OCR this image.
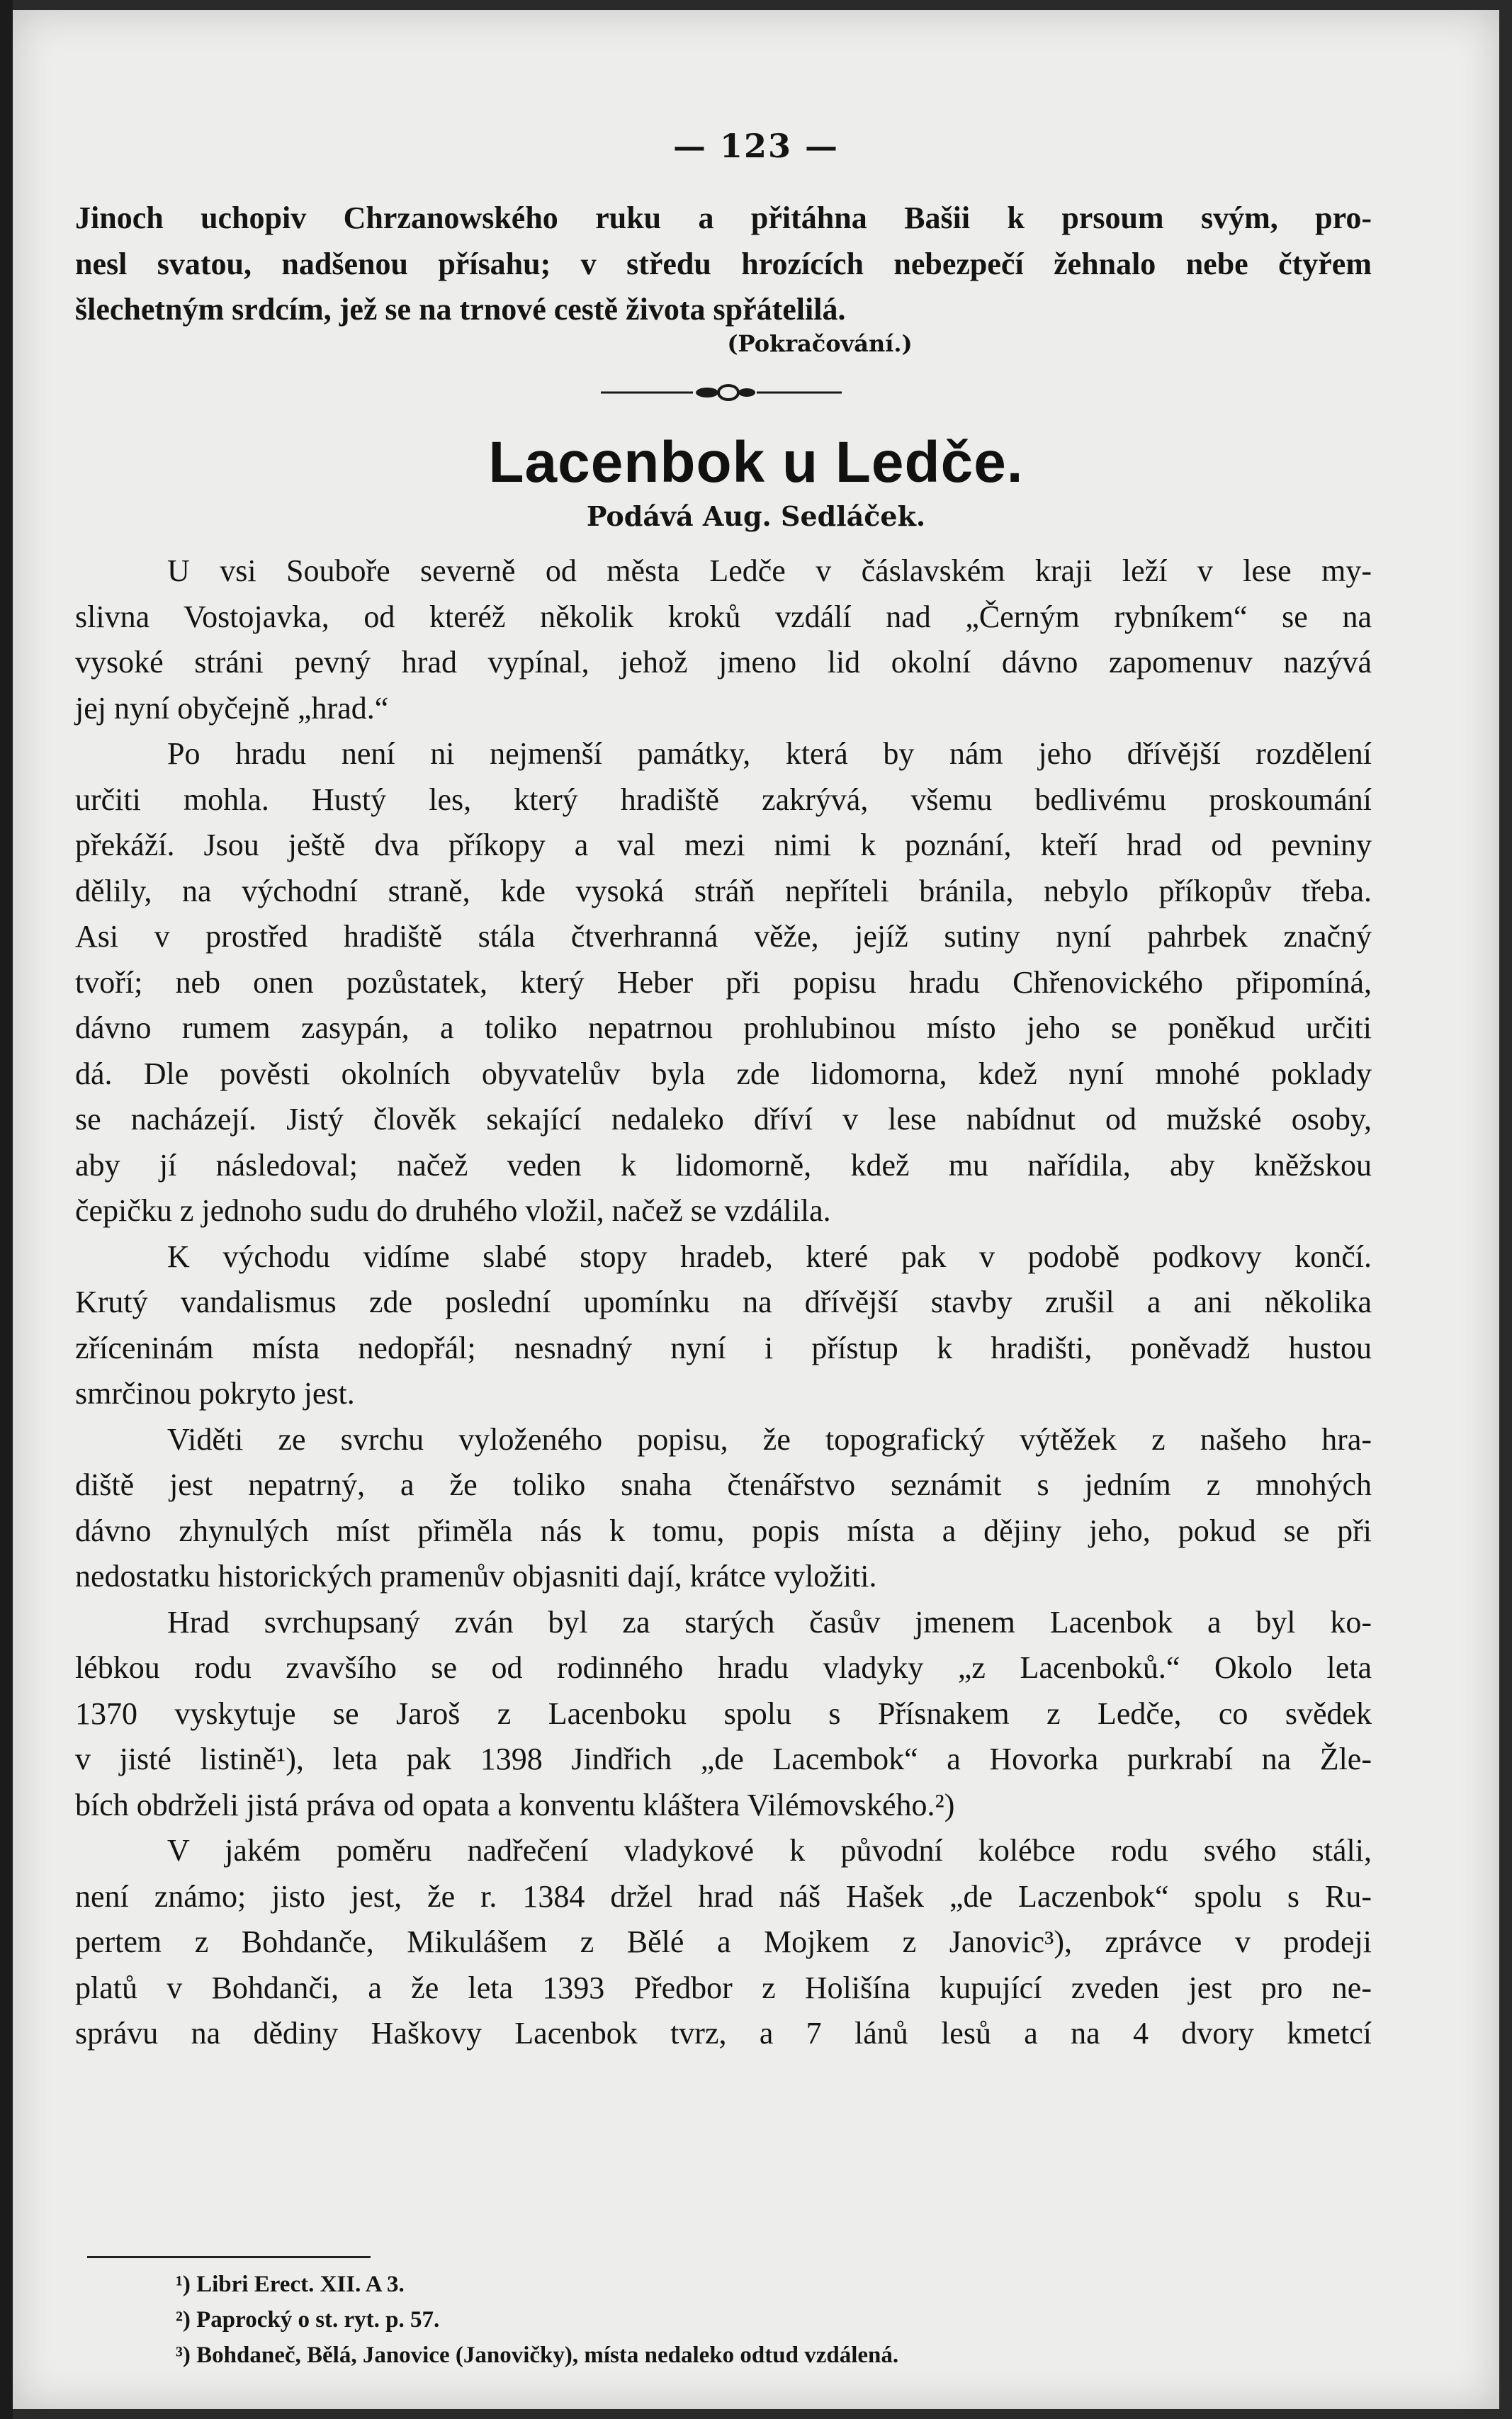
— 123 —
Jinoch uchopiv Chrzanowského ruku a přitáhna Bašii k prsoum svým, pro-
nesl svatou, nadšenou přísahu; v středu hrozících nebezpečí žehnalo nebe čtyřem
šlechetným srdcím, jež se na trnové cestě života spřátelilá.
(Pokračování.)
Lacenbok u Ledče.
Podává Aug. Sedláček.
U vsi Soubořе severně od města Ledče v čáslavském kraji leží v lese my-
slivna Vostojavka, od kteréž několik kroků vzdálí nad „Černým rybníkem“ se na
vysoké stráni pevný hrad vypínal, jehož jmeno lid okolní dávno zapomenuv nazývá
jej nyní obyčejně „hrad.“
Po hradu není ni nejmenší památky, která by nám jeho dřívější rozdělení
určiti mohla. Hustý les, který hradiště zakrývá, všemu bedlivému proskoumání
překáží. Jsou ještě dva příkopy a val mezi nimi k poznání, kteří hrad od pevniny
dělily, na východní straně, kde vysoká stráň nepříteli bránila, nebylo příkopův třeba.
Asi v prostřed hradiště stála čtverhranná věže, jejíž sutiny nyní pahrbek značný
tvoří; neb onen pozůstatek, který Heber při popisu hradu Chřenovického připomíná,
dávno rumem zasypán, a toliko nepatrnou prohlubinou místo jeho se poněkud určiti
dá. Dle pověsti okolních obyvatelův byla zde lidomorna, kdež nyní mnohé poklady
se nacházejí. Jistý člověk sekající nedaleko dříví v lese nabídnut od mužské osoby,
aby jí následoval; načež veden k lidomorně, kdež mu nařídila, aby kněžskou
čepičku z jednoho sudu do druhého vložil, načež se vzdálila.
K východu vidíme slabé stopy hradeb, které pak v podobě podkovy končí.
Krutý vandalismus zde poslední upomínku na dřívější stavby zrušil a ani několika
zříceninám místa nedopřál; nesnadný nyní i přístup k hradišti, poněvadž hustou
smrčinou pokryto jest.
Viděti ze svrchu vyloženého popisu, že topografický výtěžek z našeho hra-
diště jest nepatrný, a že toliko snaha čtenářstvo seznámit s jedním z mnohých
dávno zhynulých míst přiměla nás k tomu, popis místa a dějiny jeho, pokud se při
nedostatku historických pramenův objasniti dají, krátce vyložiti.
Hrad svrchupsaný zván byl za starých časův jmenem Lacenbok a byl ko-
lébkou rodu zvavšího se od rodinného hradu vladyky „z Lacenboků.“ Okolo leta
1370 vyskytuje se Jaroš z Lacenboku spolu s Přísnakem z Ledče, co svědek
v jisté listině¹), leta pak 1398 Jindřich „de Lacembok“ a Hovorka purkrabí na Žle-
bích obdrželi jistá práva od opata a konventu kláštera Vilémovského.²)
V jakém poměru nadřečení vladykové k původní kolébce rodu svého stáli,
není známo; jisto jest, že r. 1384 držel hrad náš Hašek „de Laczenbok“ spolu s Ru-
pertem z Bohdanče, Mikulášem z Bělé a Mojkem z Janovic³), zprávce v prodeji
platů v Bohdanči, a že leta 1393 Předbor z Holišína kupující zveden jest pro ne-
správu na dědiny Haškovy Lacenbok tvrz, a 7 lánů lesů a na 4 dvory kmetcí
¹) Libri Erect. XII. A 3.
²) Paprocký o st. ryt. p. 57.
³) Bohdaneč, Bělá, Janovice (Janovičky), místa nedaleko odtud vzdálená.
